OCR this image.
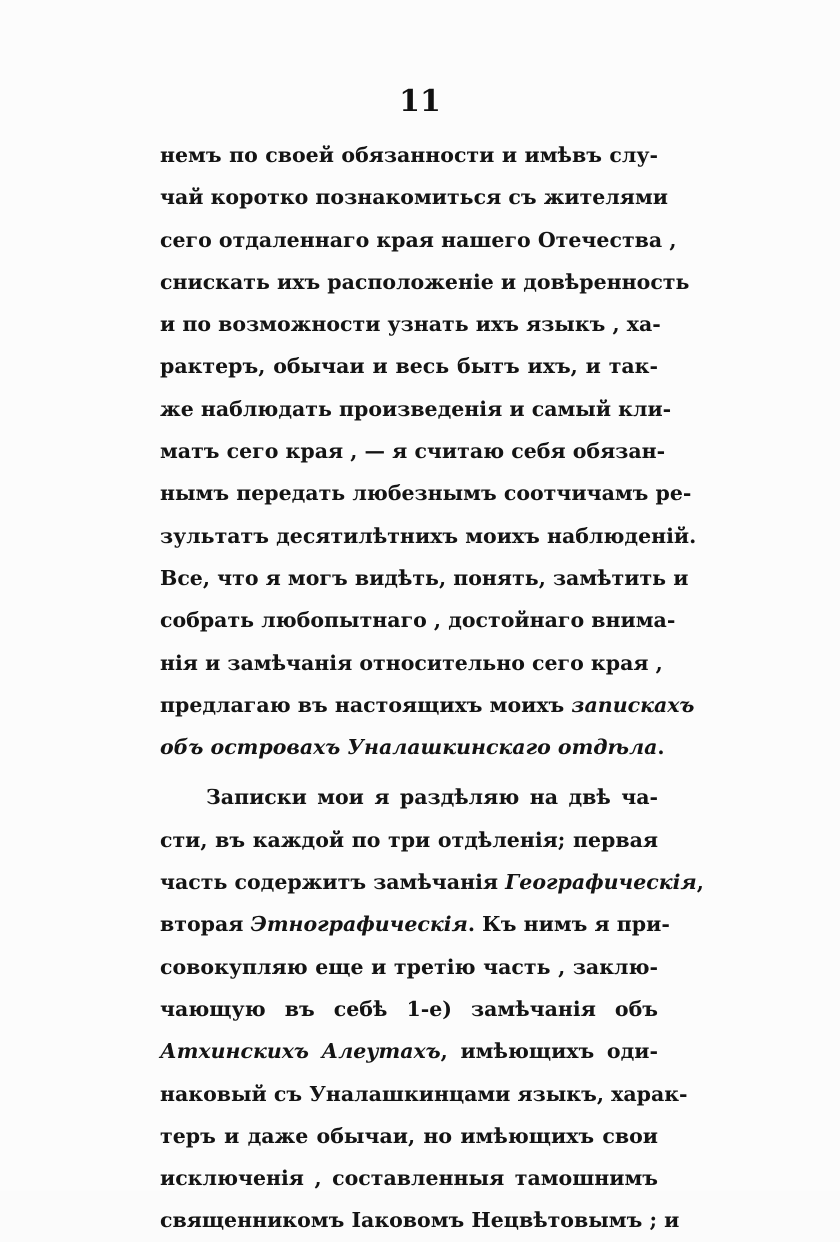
11
немъ по своей обязанности и имѣвъ слу-
чай коротко познакомиться съ жителями
сего отдаленнаго края нашего Отечества ,
снискать ихъ расположеніе и довѣренность
и по возможности узнать ихъ языкъ , ха-
рактеръ, обычаи и весь бытъ ихъ, и так-
же наблюдать произведенія и самый кли-
матъ сего края , — я считаю себя обязан-
нымъ передать любезнымъ соотчичамъ ре-
зультатъ десятилѣтнихъ моихъ наблюденій.
Все, что я могъ видѣть, понять, замѣтить и
собрать любопытнаго , достойнаго внима-
нія и замѣчанія относительно сего края ,
предлагаю въ настоящихъ моихъ запискахъ
объ островахъ Уналашкинскаго отдѣла.
Записки мои я раздѣляю на двѣ ча-
сти, въ каждой по три отдѣленія; первая
часть содержитъ замѣчанія Географическія,
вторая Этнографическія. Къ нимъ я при-
совокупляю еще и третію часть , заклю-
чающую въ себѣ 1-е) замѣчанія объ
Атхинскихъ Алеутахъ, имѣющихъ оди-
наковый съ Уналашкинцами языкъ, харак-
теръ и даже обычаи, но имѣющихъ свои
исключенія , составленныя тамошнимъ
священникомъ Іаковомъ Нецвѣтовымъ ; и
